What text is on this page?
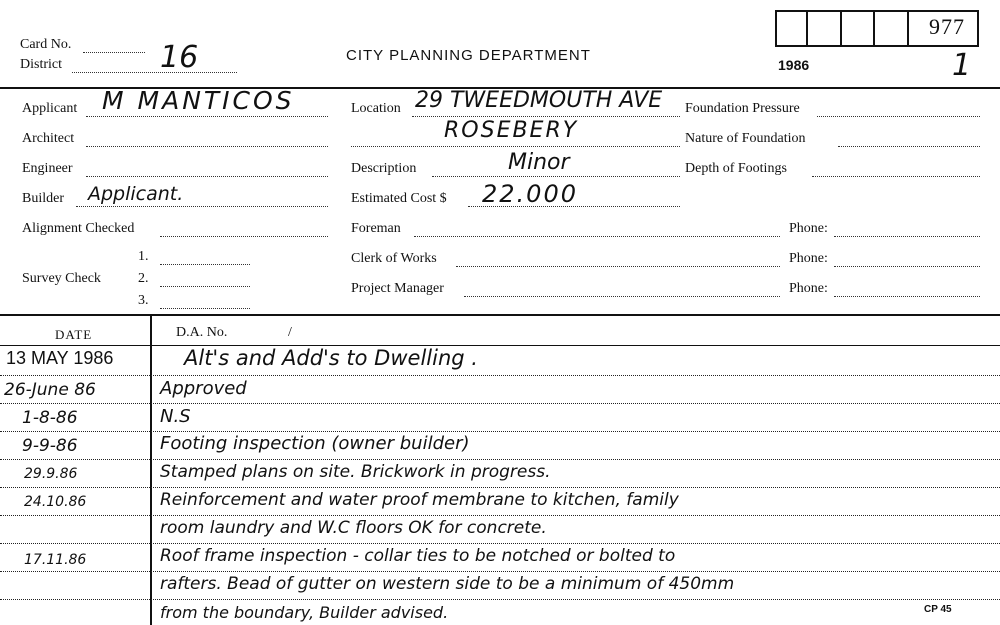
Card No.
District	16	CITY PLANNING DEPARTMENT
977
1986	1
Applicant M MANTICOS
Architect
Engineer
Builder Applicant.
Alignment Checked
Survey Check
1.
2.
3.
Location 29 TWEEDMOUTH AVE
ROSEBERY
Description	Minor
Estimated Cost $ 22.000
Foreman
Clerk of Works
Project Manager
Foundation Pressure
Nature of Foundation
Depth of Footings
Phone:
Phone:
Phone:
DATE	D.A. No.	/
13 MAY 1986	Alt's and Add's to Dwelling .
26-June 86	Approved
1-8-86	N.S
9-9-86	Footing inspection (owner builder)
29.9.86	Stamped plans on site. Brickwork in progress.
24.10.86	Reinforcement and water proof membrane to kitchen, family
room laundry and W.C floors OK for concrete.
17.11.86	Roof frame inspection - collar ties to be notched or bolted to
rafters. Bead of gutter on western side to be a minimum of 450mm
from the boundary, Builder advised.	CP 45
